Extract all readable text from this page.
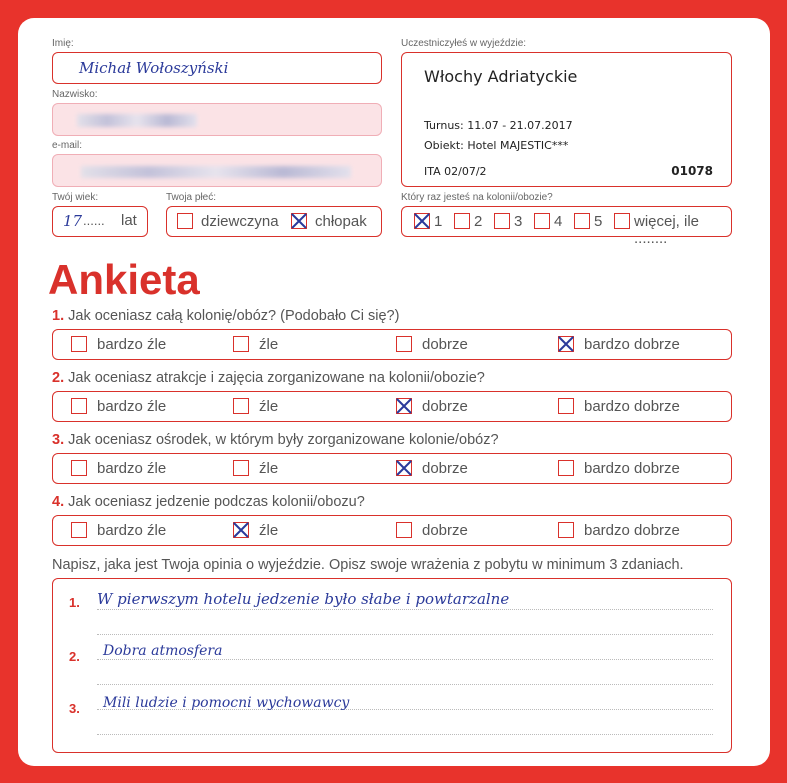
Imię:
Michał Wołoszyński
Nazwisko:
e-mail:
Twój wiek:
17 ...... lat
Twoja płeć:
dziewczyna chłopak
Uczestniczyłeś w wyjeździe:
Włochy Adriatyckie
Turnus: 11.07 - 21.07.2017
Obiekt: Hotel MAJESTIC***
ITA 02/07/2	01078
Który raz jesteś na kolonii/obozie?
1 2 3 4 5 więcej, ile ........
Ankieta
1. Jak oceniasz całą kolonię/obóz? (Podobało Ci się?)
bardzo źle	źle	dobrze	bardzo dobrze
2. Jak oceniasz atrakcje i zajęcia zorganizowane na kolonii/obozie?
bardzo źle	źle	dobrze	bardzo dobrze
3. Jak oceniasz ośrodek, w którym były zorganizowane kolonie/obóz?
bardzo źle	źle	dobrze	bardzo dobrze
4. Jak oceniasz jedzenie podczas kolonii/obozu?
bardzo źle	źle	dobrze	bardzo dobrze
Napisz, jaka jest Twoja opinia o wyjeździe. Opisz swoje wrażenia z pobytu w minimum 3 zdaniach.
1. W pierwszym hotelu jedzenie było słabe i powtarzalne
2. Dobra atmosfera
3. Mili ludzie i pomocni wychowawcy
